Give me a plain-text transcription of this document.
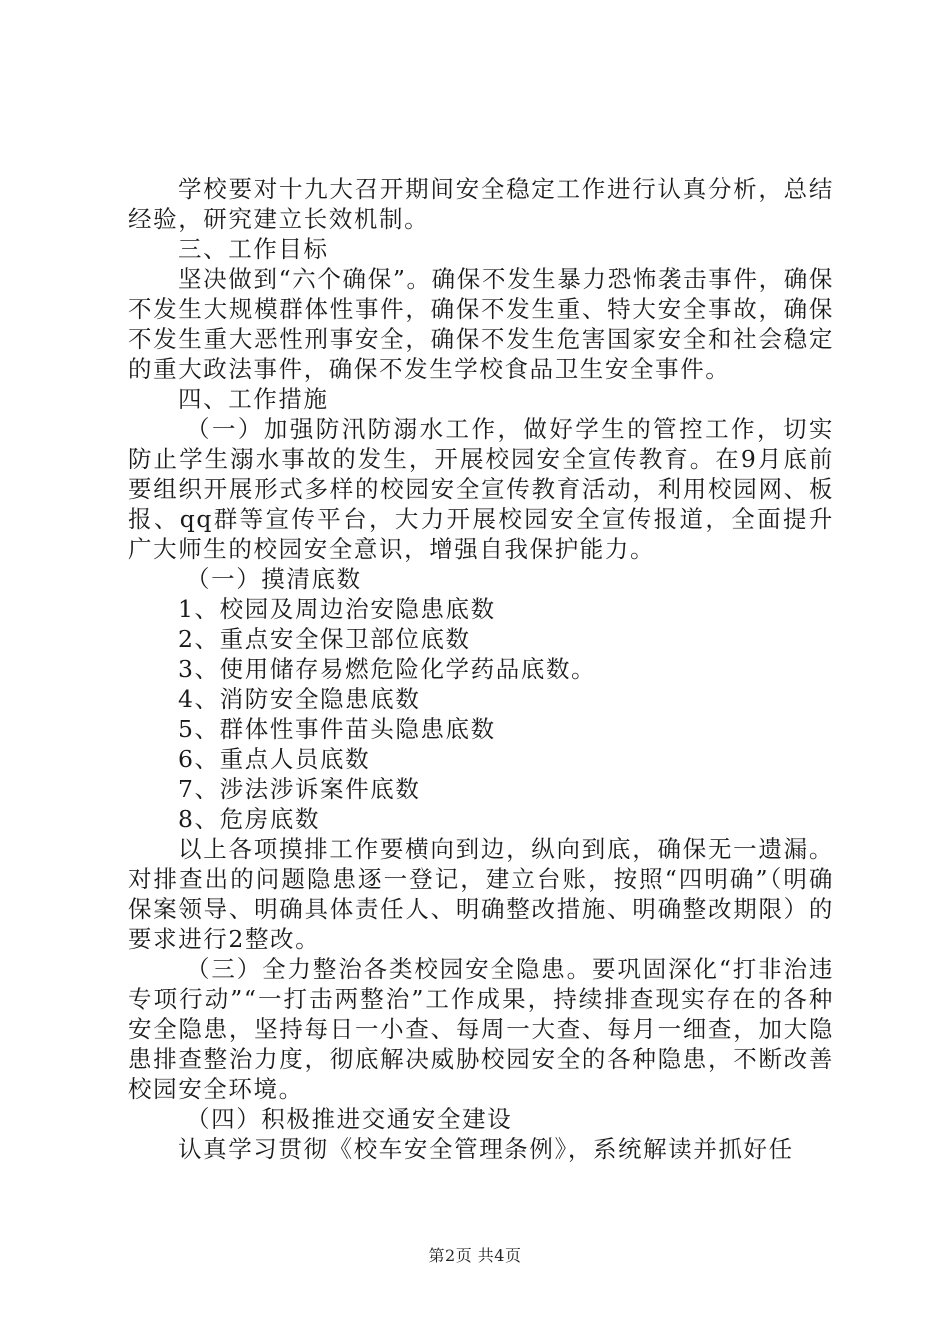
学校要对十九大召开期间安全稳定工作进行认真分析，总结经验，研究建立长效机制。

三、工作目标

坚决做到“六个确保”。确保不发生暴力恐怖袭击事件，确保不发生大规模群体性事件，确保不发生重、特大安全事故，确保不发生重大恶性刑事安全，确保不发生危害国家安全和社会稳定的重大政法事件，确保不发生学校食品卫生安全事件。

四、工作措施

（一）加强防汛防溺水工作，做好学生的管控工作，切实防止学生溺水事故的发生，开展校园安全宣传教育。在9月底前要组织开展形式多样的校园安全宣传教育活动，利用校园网、板报、qq群等宣传平台，大力开展校园安全宣传报道，全面提升广大师生的校园安全意识，增强自我保护能力。

（一）摸清底数

1、校园及周边治安隐患底数

2、重点安全保卫部位底数

3、使用储存易燃危险化学药品底数。

4、消防安全隐患底数

5、群体性事件苗头隐患底数

6、重点人员底数

7、涉法涉诉案件底数

8、危房底数

以上各项摸排工作要横向到边，纵向到底，确保无一遗漏。对排查出的问题隐患逐一登记，建立台账，按照“四明确”（明确保案领导、明确具体责任人、明确整改措施、明确整改期限）的要求进行2整改。

（三）全力整治各类校园安全隐患。要巩固深化“打非治违专项行动”“一打击两整治”工作成果，持续排查现实存在的各种安全隐患，坚持每日一小查、每周一大查、每月一细查，加大隐患排查整治力度，彻底解决威胁校园安全的各种隐患，不断改善校园安全环境。

（四）积极推进交通安全建设

认真学习贯彻《校车安全管理条例》，系统解读并抓好任

第2页 共4页
